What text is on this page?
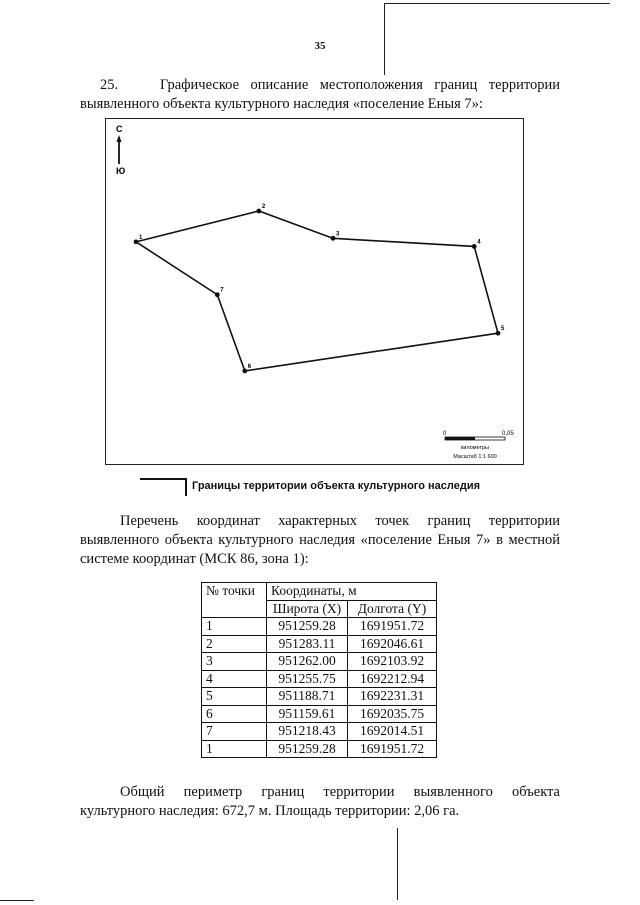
35
25.	Графическое описание местоположения границ территории выявленного объекта культурного наследия «поселение Еныя 7»:
С
Ю
1
2
3
4
5
6
7
0	0,05
километры
Масштаб 1:1 600
Границы территории объекта культурного наследия
Перечень координат характерных точек границ территории выявленного объекта культурного наследия «поселение Еныя 7» в местной системе координат (МСК 86, зона 1):
№ точки	Координаты, м	
	Широта (X)	Долгота (Y)
1	951259.28	1691951.72
2	951283.11	1692046.61
3	951262.00	1692103.92
4	951255.75	1692212.94
5	951188.71	1692231.31
6	951159.61	1692035.75
7	951218.43	1692014.51
1	951259.28	1691951.72
Общий периметр границ территории выявленного объекта культурного наследия: 672,7 м. Площадь территории: 2,06 га.
